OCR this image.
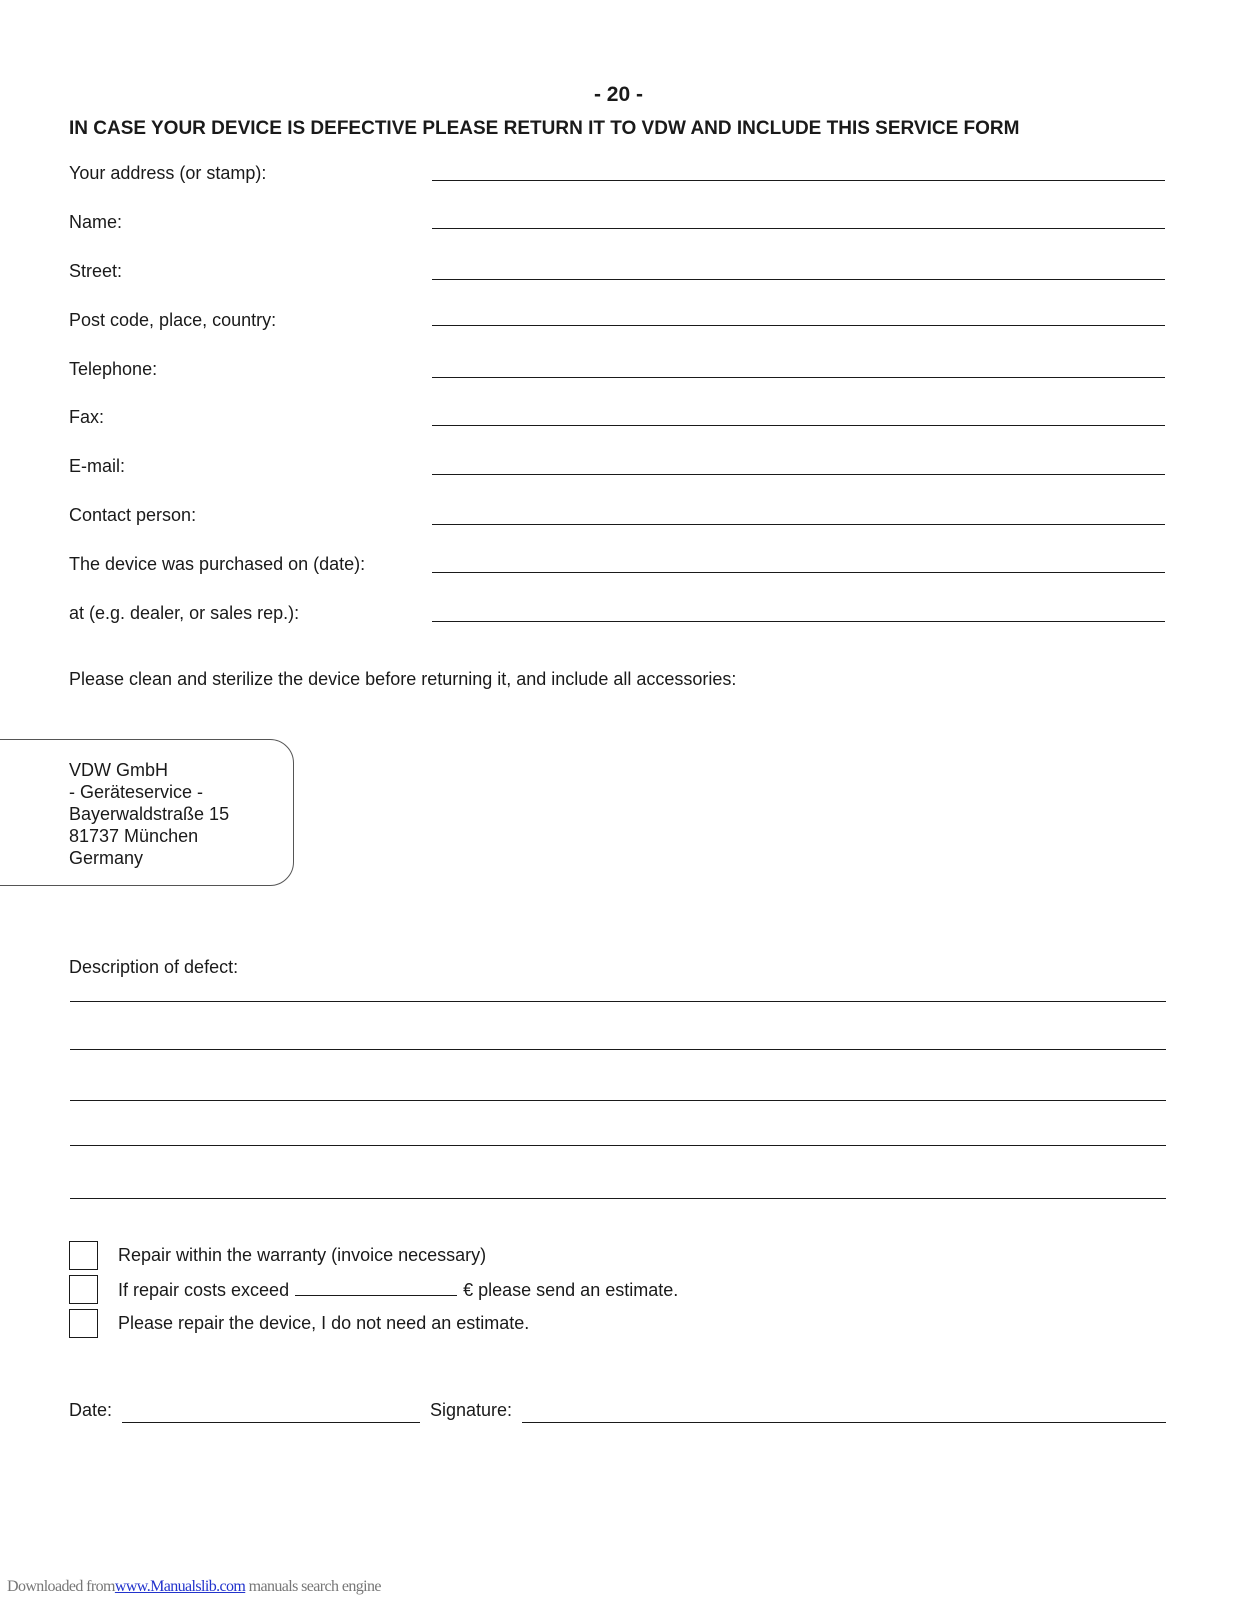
- 20 -
IN CASE YOUR DEVICE IS DEFECTIVE PLEASE RETURN IT TO VDW AND INCLUDE THIS SERVICE FORM
Your address (or stamp):
Name:
Street:
Post code, place, country:
Telephone:
Fax:
E-mail:
Contact person:
The device was purchased on (date):
at (e.g. dealer, or sales rep.):
Please clean and sterilize the device before returning it, and include all accessories:
VDW GmbH
- Geräteservice -
Bayerwaldstraße 15
81737 München
Germany
Description of defect:
Repair within the warranty (invoice necessary)
If repair costs exceed	€ please send an estimate.
Please repair the device, I do not need an estimate.
Date:	Signature:
Downloaded fromwww.Manualslib.com manuals search engine
